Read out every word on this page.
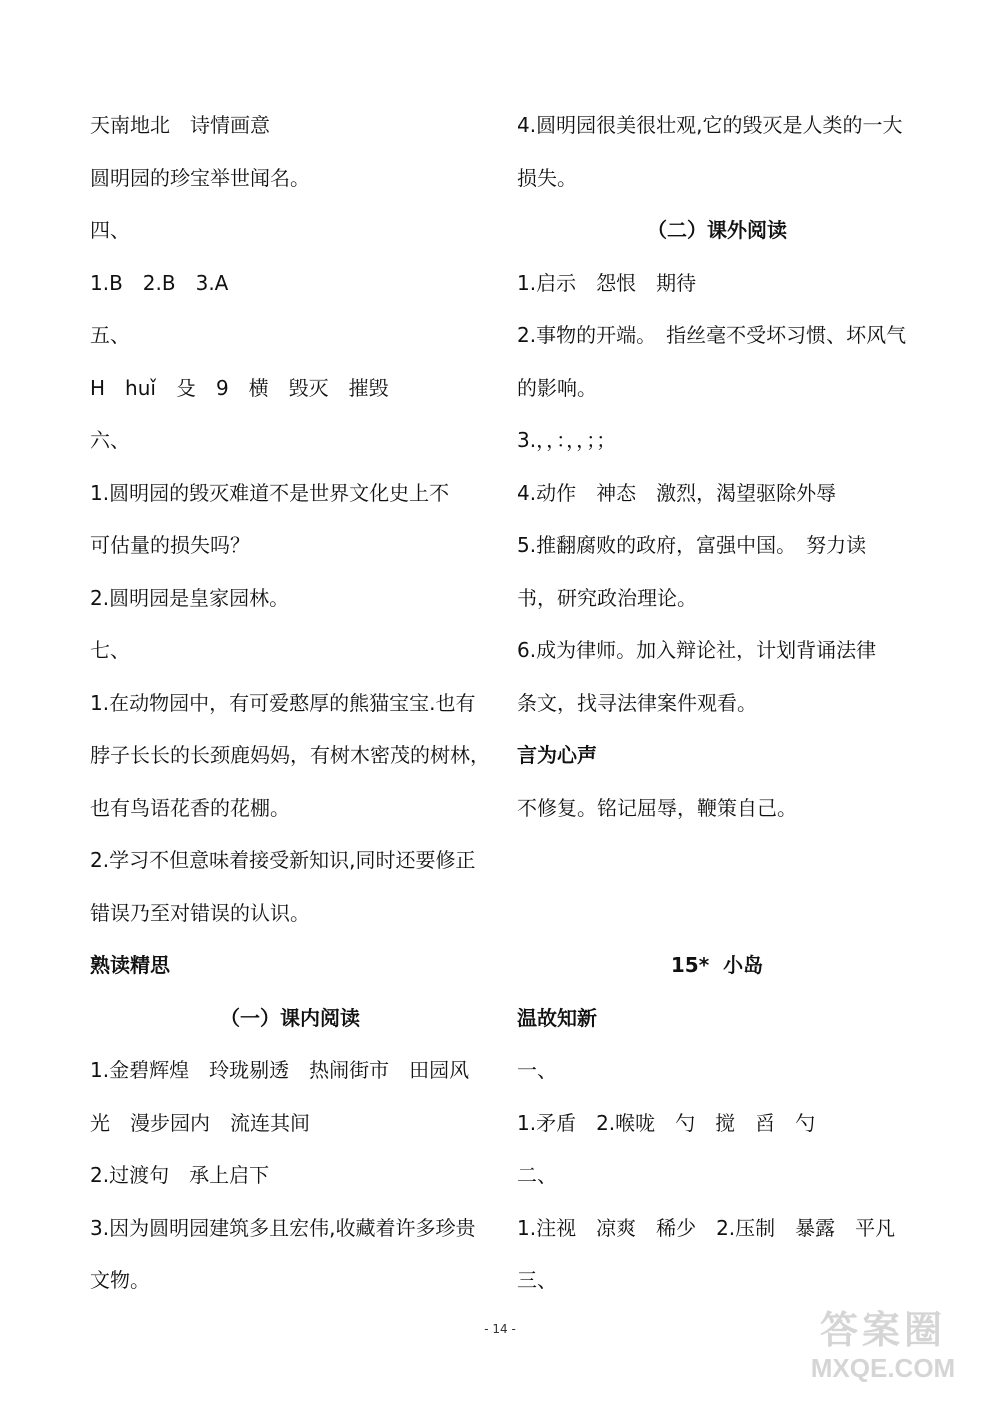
天南地北　诗情画意
圆明园的珍宝举世闻名。
四、
1.B　2.B　3.A
五、
H　huǐ　殳　9　横　毁灭　摧毁
六、
1.圆明园的毁灭难道不是世界文化史上不
可估量的损失吗？
2.圆明园是皇家园林。
七、
1.在动物园中，有可爱憨厚的熊猫宝宝.也有
脖子长长的长颈鹿妈妈，有树木密茂的树林，
也有鸟语花香的花棚。
2.学习不但意味着接受新知识,同时还要修正
错误乃至对错误的认识。
熟读精思
（一）课内阅读
1.金碧辉煌　玲珑剔透　热闹街市　田园风
光　漫步园内　流连其间
2.过渡句　承上启下
3.因为圆明园建筑多且宏伟,收藏着许多珍贵
文物。
4.圆明园很美很壮观,它的毁灭是人类的一大
损失。
（二）课外阅读
1.启示　怨恨　期待
2.事物的开端。　指丝毫不受坏习惯、坏风气
的影响。
3.，，：，，；；
4.动作　神态　激烈，渴望驱除外辱
5.推翻腐败的政府，富强中国。　努力读
书，研究政治理论。
6.成为律师。加入辩论社，计划背诵法律
条文，找寻法律案件观看。
言为心声
不修复。铭记屈辱，鞭策自己。
15*  小岛
温故知新
一、
1.矛盾　2.喉咙　勺　搅　舀　勺
二、
1.注视　凉爽　稀少　2.压制　暴露　平凡
三、
- 14 -	答案圈
MXQE.COM
